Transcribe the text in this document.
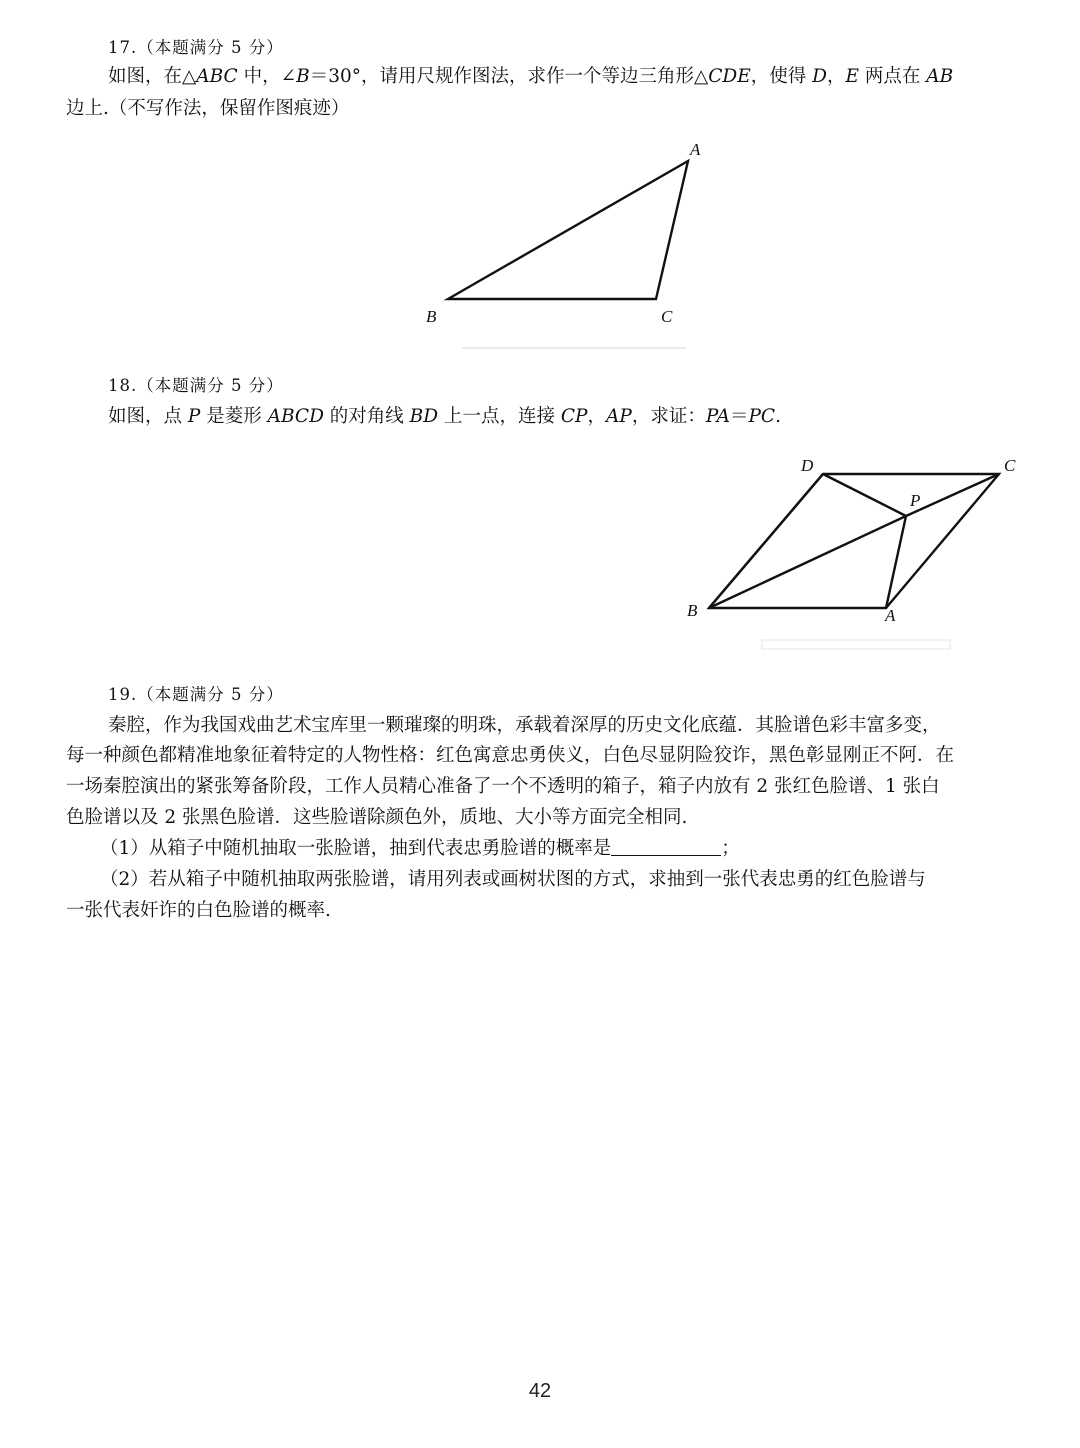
17.（本题满分 5 分）
如图，在△ABC 中，∠B＝30°，请用尺规作图法，求作一个等边三角形△CDE，使得 D，E 两点在 AB
边上.（不写作法，保留作图痕迹）
A
B	C
18.（本题满分 5 分）
如图，点 P 是菱形 ABCD 的对角线 BD 上一点，连接 CP，AP，求证：PA＝PC.
D	C
P
B	A
19.（本题满分 5 分）
秦腔，作为我国戏曲艺术宝库里一颗璀璨的明珠，承载着深厚的历史文化底蕴．其脸谱色彩丰富多变，
每一种颜色都精准地象征着特定的人物性格：红色寓意忠勇侠义，白色尽显阴险狡诈，黑色彰显刚正不阿．在
一场秦腔演出的紧张筹备阶段，工作人员精心准备了一个不透明的箱子，箱子内放有 2 张红色脸谱、1 张白
色脸谱以及 2 张黑色脸谱．这些脸谱除颜色外，质地、大小等方面完全相同.
（1）从箱子中随机抽取一张脸谱，抽到代表忠勇脸谱的概率是	；
（2）若从箱子中随机抽取两张脸谱，请用列表或画树状图的方式，求抽到一张代表忠勇的红色脸谱与
一张代表奸诈的白色脸谱的概率.
42
